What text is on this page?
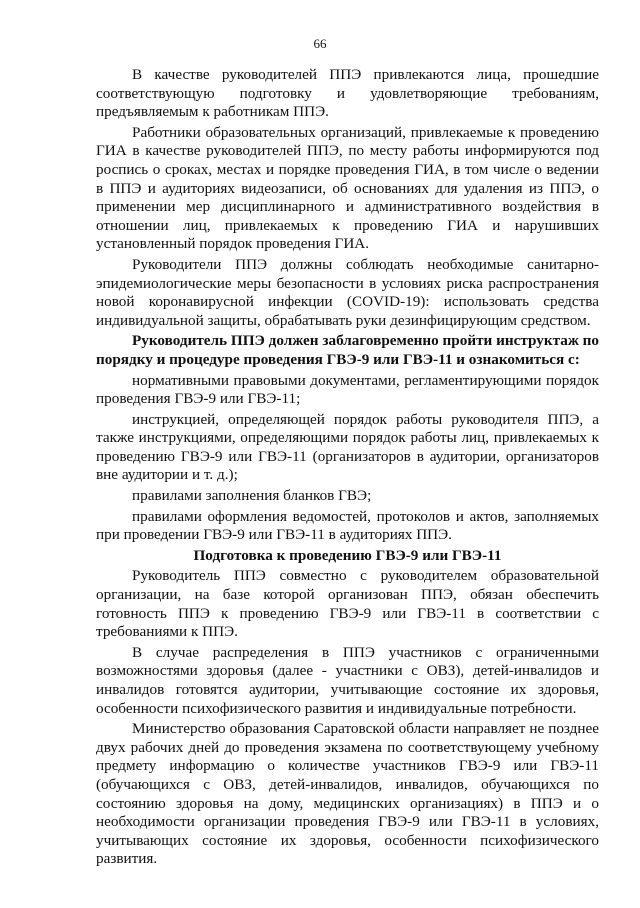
66

В качестве руководителей ППЭ привлекаются лица, прошедшие соответствующую подготовку и удовлетворяющие требованиям, предъявляемым к работникам ППЭ.

Работники образовательных организаций, привлекаемые к проведению ГИА в качестве руководителей ППЭ, по месту работы информируются под роспись о сроках, местах и порядке проведения ГИА, в том числе о ведении в ППЭ и аудиториях видеозаписи, об основаниях для удаления из ППЭ, о применении мер дисциплинарного и административного воздействия в отношении лиц, привлекаемых к проведению ГИА и нарушивших установленный порядок проведения ГИА.

Руководители ППЭ должны соблюдать необходимые санитарно-эпидемиологические меры безопасности в условиях риска распространения новой коронавирусной инфекции (COVID-19): использовать средства индивидуальной защиты, обрабатывать руки дезинфицирующим средством.

Руководитель ППЭ должен заблаговременно пройти инструктаж по порядку и процедуре проведения ГВЭ-9 или ГВЭ-11 и ознакомиться с:

нормативными правовыми документами, регламентирующими порядок проведения ГВЭ-9 или ГВЭ-11;

инструкцией, определяющей порядок работы руководителя ППЭ, а также инструкциями, определяющими порядок работы лиц, привлекаемых к проведению ГВЭ-9 или ГВЭ-11 (организаторов в аудитории, организаторов вне аудитории и т. д.);

правилами заполнения бланков ГВЭ;

правилами оформления ведомостей, протоколов и актов, заполняемых при проведении ГВЭ-9 или ГВЭ-11 в аудиториях ППЭ.

Подготовка к проведению ГВЭ-9 или ГВЭ-11

Руководитель ППЭ совместно с руководителем образовательной организации, на базе которой организован ППЭ, обязан обеспечить готовность ППЭ к проведению ГВЭ-9 или ГВЭ-11 в соответствии с требованиями к ППЭ.

В случае распределения в ППЭ участников с ограниченными возможностями здоровья (далее - участники с ОВЗ), детей-инвалидов и инвалидов готовятся аудитории, учитывающие состояние их здоровья, особенности психофизического развития и индивидуальные потребности.

Министерство образования Саратовской области направляет не позднее двух рабочих дней до проведения экзамена по соответствующему учебному предмету информацию о количестве участников ГВЭ-9 или ГВЭ-11 (обучающихся с ОВЗ, детей-инвалидов, инвалидов, обучающихся по состоянию здоровья на дому, медицинских организациях) в ППЭ и о необходимости организации проведения ГВЭ-9 или ГВЭ-11 в условиях, учитывающих состояние их здоровья, особенности психофизического развития.
